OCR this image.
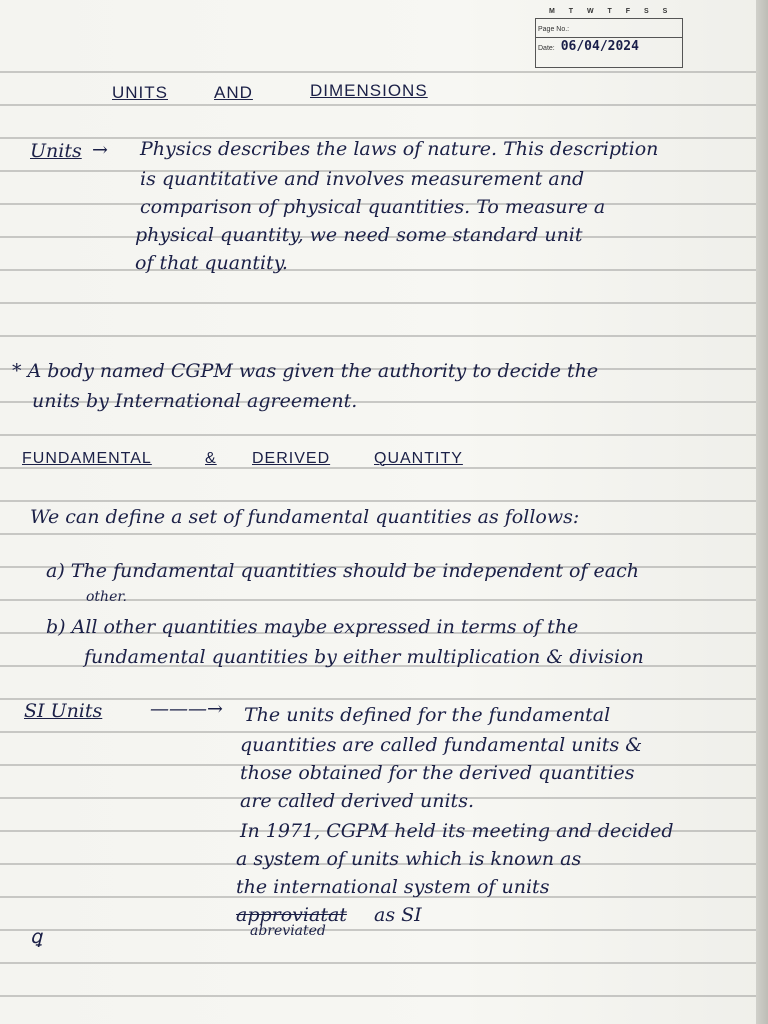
M T W T F S S
Page No.:
Date: 06/04/2024
UNITS	AND	DIMENSIONS
Units → Physics describes the laws of nature. This description
is quantitative and involves measurement and
comparison of physical quantities. To measure a
physical quantity, we need some standard unit
of that quantity.
* A body named CGPM was given the authority to decide the
units by International agreement.
FUNDAMENTAL	& DERIVED	QUANTITY
We can define a set of fundamental quantities as follows:
a) The fundamental quantities should be independent of each
other.
b) All other quantities maybe expressed in terms of the
fundamental quantities by either multiplication & division
SI Units	———→ The units defined for the fundamental
quantities are called fundamental units &
those obtained for the derived quantities
are called derived units.
In 1971, CGPM held its meeting and decided
a system of units which is known as
the international system of units
approviatat as SI
abreviated
ꝗ
